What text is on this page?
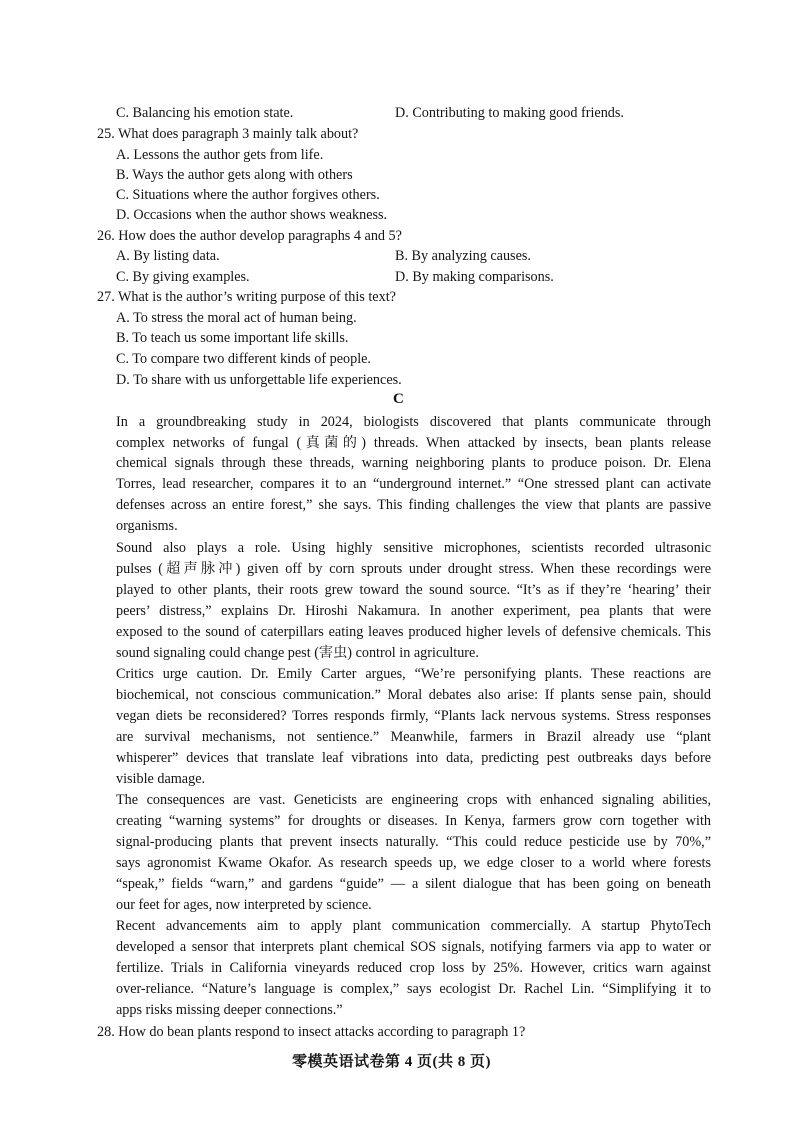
C. Balancing his emotion state.	D. Contributing to making good friends.
25. What does paragraph 3 mainly talk about?
A. Lessons the author gets from life.
B. Ways the author gets along with others
C. Situations where the author forgives others.
D. Occasions when the author shows weakness.
26. How does the author develop paragraphs 4 and 5?
A. By listing data.	B. By analyzing causes.
C. By giving examples.	D. By making comparisons.
27. What is the author’s writing purpose of this text?
A. To stress the moral act of human being.
B. To teach us some important life skills.
C. To compare two different kinds of people.
D. To share with us unforgettable life experiences.
C
In a groundbreaking study in 2024, biologists discovered that plants communicate through
complex networks of fungal (真菌的) threads. When attacked by insects, bean plants release
chemical signals through these threads, warning neighboring plants to produce poison. Dr. Elena
Torres, lead researcher, compares it to an “underground internet.” “One stressed plant can activate
defenses across an entire forest,” she says. This finding challenges the view that plants are passive
organisms.
Sound also plays a role. Using highly sensitive microphones, scientists recorded ultrasonic
pulses (超声脉冲) given off by corn sprouts under drought stress. When these recordings were
played to other plants, their roots grew toward the sound source. “It’s as if they’re ‘hearing’ their
peers’ distress,” explains Dr. Hiroshi Nakamura. In another experiment, pea plants that were
exposed to the sound of caterpillars eating leaves produced higher levels of defensive chemicals. This
sound signaling could change pest (害虫) control in agriculture.
Critics urge caution. Dr. Emily Carter argues, “We’re personifying plants. These reactions are
biochemical, not conscious communication.” Moral debates also arise: If plants sense pain, should
vegan diets be reconsidered? Torres responds firmly, “Plants lack nervous systems. Stress responses
are survival mechanisms, not sentience.” Meanwhile, farmers in Brazil already use “plant
whisperer” devices that translate leaf vibrations into data, predicting pest outbreaks days before
visible damage.
The consequences are vast. Geneticists are engineering crops with enhanced signaling abilities,
creating “warning systems” for droughts or diseases. In Kenya, farmers grow corn together with
signal-producing plants that prevent insects naturally. “This could reduce pesticide use by 70%,”
says agronomist Kwame Okafor. As research speeds up, we edge closer to a world where forests
“speak,” fields “warn,” and gardens “guide” — a silent dialogue that has been going on beneath
our feet for ages, now interpreted by science.
Recent advancements aim to apply plant communication commercially. A startup PhytoTech
developed a sensor that interprets plant chemical SOS signals, notifying farmers via app to water or
fertilize. Trials in California vineyards reduced crop loss by 25%. However, critics warn against
over-reliance. “Nature’s language is complex,” says ecologist Dr. Rachel Lin. “Simplifying it to
apps risks missing deeper connections.”
28. How do bean plants respond to insect attacks according to paragraph 1?
零模英语试卷第 4 页(共 8 页)
